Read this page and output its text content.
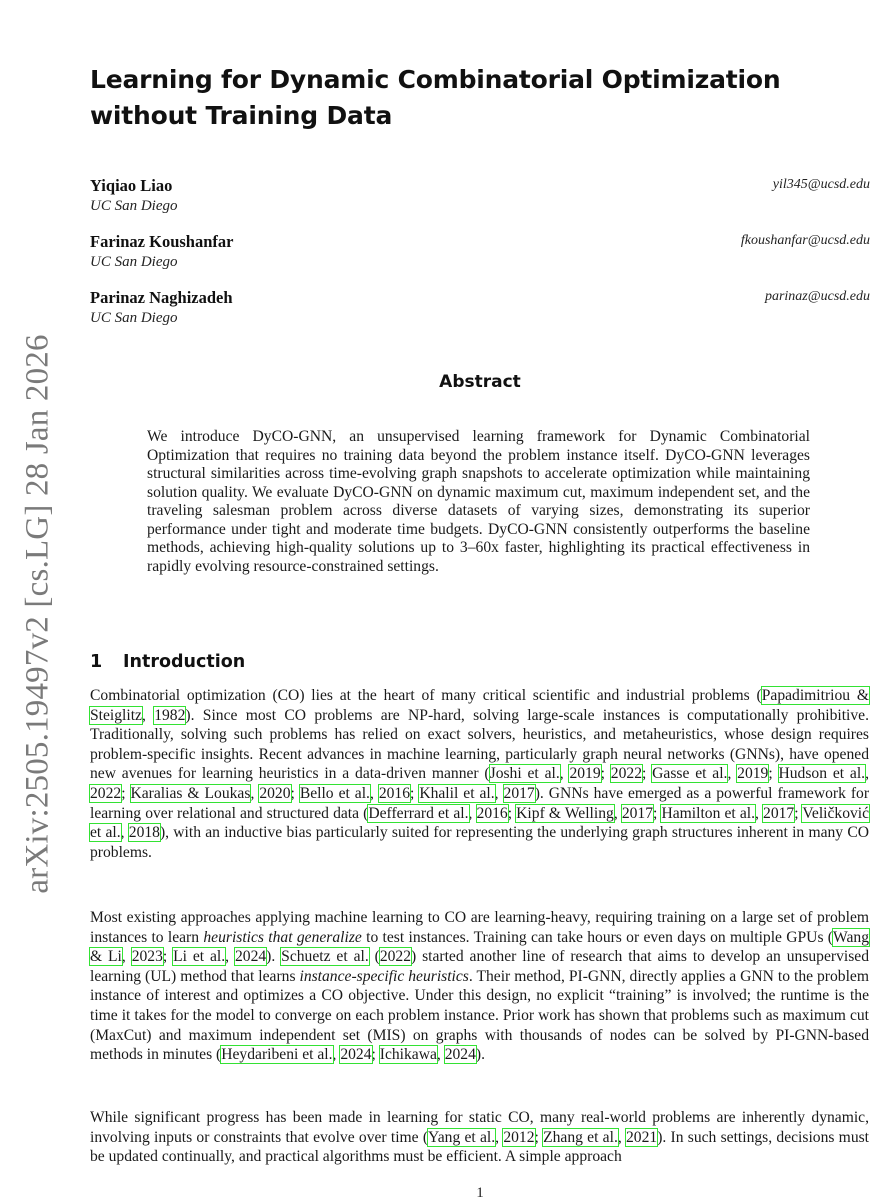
arXiv:2505.19497v2 [cs.LG] 28 Jan 2026
Learning for Dynamic Combinatorial Optimization without Training Data
Yiqiao Liao
UC San Diego
yil345@ucsd.edu
Farinaz Koushanfar
UC San Diego
fkoushanfar@ucsd.edu
Parinaz Naghizadeh
UC San Diego
parinaz@ucsd.edu
Abstract
We introduce DyCO-GNN, an unsupervised learning framework for Dynamic Combinatorial Optimization that requires no training data beyond the problem instance itself. DyCO-GNN leverages structural similarities across time-evolving graph snapshots to accelerate optimization while maintaining solution quality. We evaluate DyCO-GNN on dynamic maximum cut, maximum independent set, and the traveling salesman problem across diverse datasets of varying sizes, demonstrating its superior performance under tight and moderate time budgets. DyCO-GNN consistently outperforms the baseline methods, achieving high-quality solutions up to 3–60x faster, highlighting its practical effectiveness in rapidly evolving resource-constrained settings.
1 Introduction

Combinatorial optimization (CO) lies at the heart of many critical scientific and industrial problems (Papadimitriou & Steiglitz, 1982). Since most CO problems are NP-hard, solving large-scale instances is computationally prohibitive. Traditionally, solving such problems has relied on exact solvers, heuristics, and metaheuristics, whose design requires problem-specific insights. Recent advances in machine learning, particularly graph neural networks (GNNs), have opened new avenues for learning heuristics in a data-driven manner (Joshi et al., 2019; 2022; Gasse et al., 2019; Hudson et al., 2022; Karalias & Loukas, 2020; Bello et al., 2016; Khalil et al., 2017). GNNs have emerged as a powerful framework for learning over relational and structured data (Defferrard et al., 2016; Kipf & Welling, 2017; Hamilton et al., 2017; Veličković et al., 2018), with an inductive bias particularly suited for representing the underlying graph structures inherent in many CO problems.

Most existing approaches applying machine learning to CO are learning-heavy, requiring training on a large set of problem instances to learn heuristics that generalize to test instances. Training can take hours or even days on multiple GPUs (Wang & Li, 2023; Li et al., 2024). Schuetz et al. (2022) started another line of research that aims to develop an unsupervised learning (UL) method that learns instance-specific heuristics. Their method, PI-GNN, directly applies a GNN to the problem instance of interest and optimizes a CO objective. Under this design, no explicit “training” is involved; the runtime is the time it takes for the model to converge on each problem instance. Prior work has shown that problems such as maximum cut (MaxCut) and maximum independent set (MIS) on graphs with thousands of nodes can be solved by PI-GNN-based methods in minutes (Heydaribeni et al., 2024; Ichikawa, 2024).

While significant progress has been made in learning for static CO, many real-world problems are inherently dynamic, involving inputs or constraints that evolve over time (Yang et al., 2012; Zhang et al., 2021). In such settings, decisions must be updated continually, and practical algorithms must be efficient. A simple approach

1
